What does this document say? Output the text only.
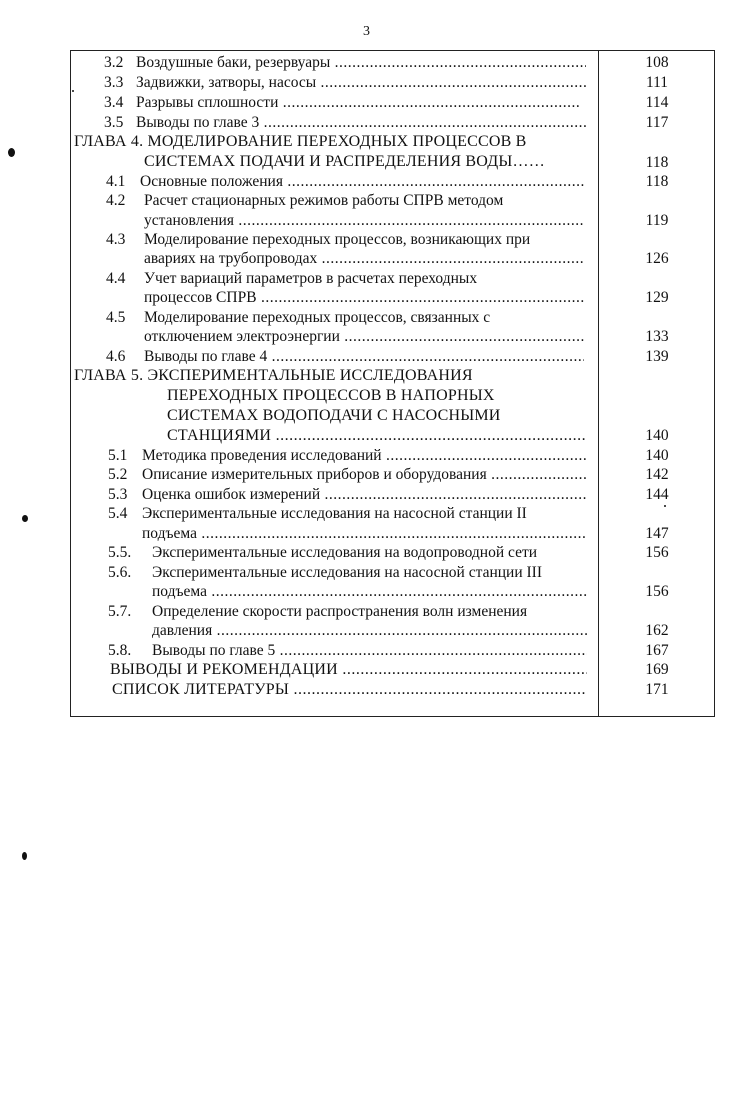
3
3.2 Воздушные баки, резервуары .....	108
3.3 Задвижки, затворы, насосы .....	111
3.4 Разрывы сплошности .....	114
3.5 Выводы по главе 3 .....	117
ГЛАВА 4. МОДЕЛИРОВАНИЕ ПЕРЕХОДНЫХ ПРОЦЕССОВ В
СИСТЕМАХ ПОДАЧИ И РАСПРЕДЕЛЕНИЯ ВОДЫ……	118
4.1 Основные положения .....	118
4.2 Расчет стационарных режимов работы СПРВ методом
установления .....	119
4.3 Моделирование переходных процессов, возникающих при
авариях на трубопроводах .....	126
4.4 Учет вариаций параметров в расчетах переходных
процессов СПРВ .....	129
4.5 Моделирование переходных процессов, связанных с
отключением электроэнергии .....	133
4.6 Выводы по главе 4 .....	139
ГЛАВА 5. ЭКСПЕРИМЕНТАЛЬНЫЕ ИССЛЕДОВАНИЯ
ПЕРЕХОДНЫХ ПРОЦЕССОВ В НАПОРНЫХ
СИСТЕМАХ ВОДОПОДАЧИ С НАСОСНЫМИ
СТАНЦИЯМИ .....	140
5.1 Методика проведения исследований .....	140
5.2 Описание измерительных приборов и оборудования .....	142
5.3 Оценка ошибок измерений .....	144
5.4 Экспериментальные исследования на насосной станции II
подъема .....	147
5.5. Экспериментальные исследования на водопроводной сети	156
5.6. Экспериментальные исследования на насосной станции III
подъема .....	156
5.7. Определение скорости распространения волн изменения
давления .....	162
5.8. Выводы по главе 5 .....	167
ВЫВОДЫ И РЕКОМЕНДАЦИИ .....	169
СПИСОК ЛИТЕРАТУРЫ .....	171
